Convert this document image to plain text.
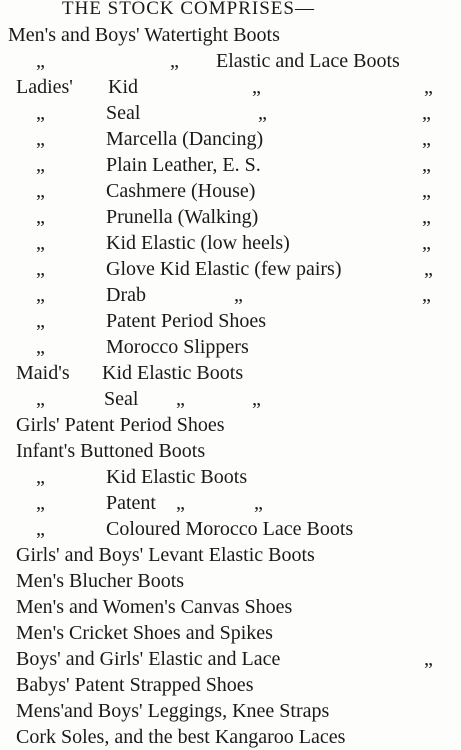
THE STOCK COMPRISES—
Men's and Boys' Watertight Boots
„	„ Elastic and Lace Boots
Ladies' Kid	„	„
„	Seal	„	„
„	Marcella (Dancing)	„
„	Plain Leather, E. S.	„
„	Cashmere (House)	„
„	Prunella (Walking)	„
„	Kid Elastic (low heels)	„
„	Glove Kid Elastic (few pairs)	„
„	Drab	„	„
„	Patent Period Shoes
„	Morocco Slippers
Maid's Kid Elastic Boots
„	Seal „	„
Girls' Patent Period Shoes
Infant's Buttoned Boots
„	Kid Elastic Boots
„	Patent „	„
„	Coloured Morocco Lace Boots
Girls' and Boys' Levant Elastic Boots
Men's Blucher Boots
Men's and Women's Canvas Shoes
Men's Cricket Shoes and Spikes
Boys' and Girls' Elastic and Lace	„
Babys' Patent Strapped Shoes
Mens'and Boys' Leggings, Knee Straps
Cork Soles, and the best Kangaroo Laces
